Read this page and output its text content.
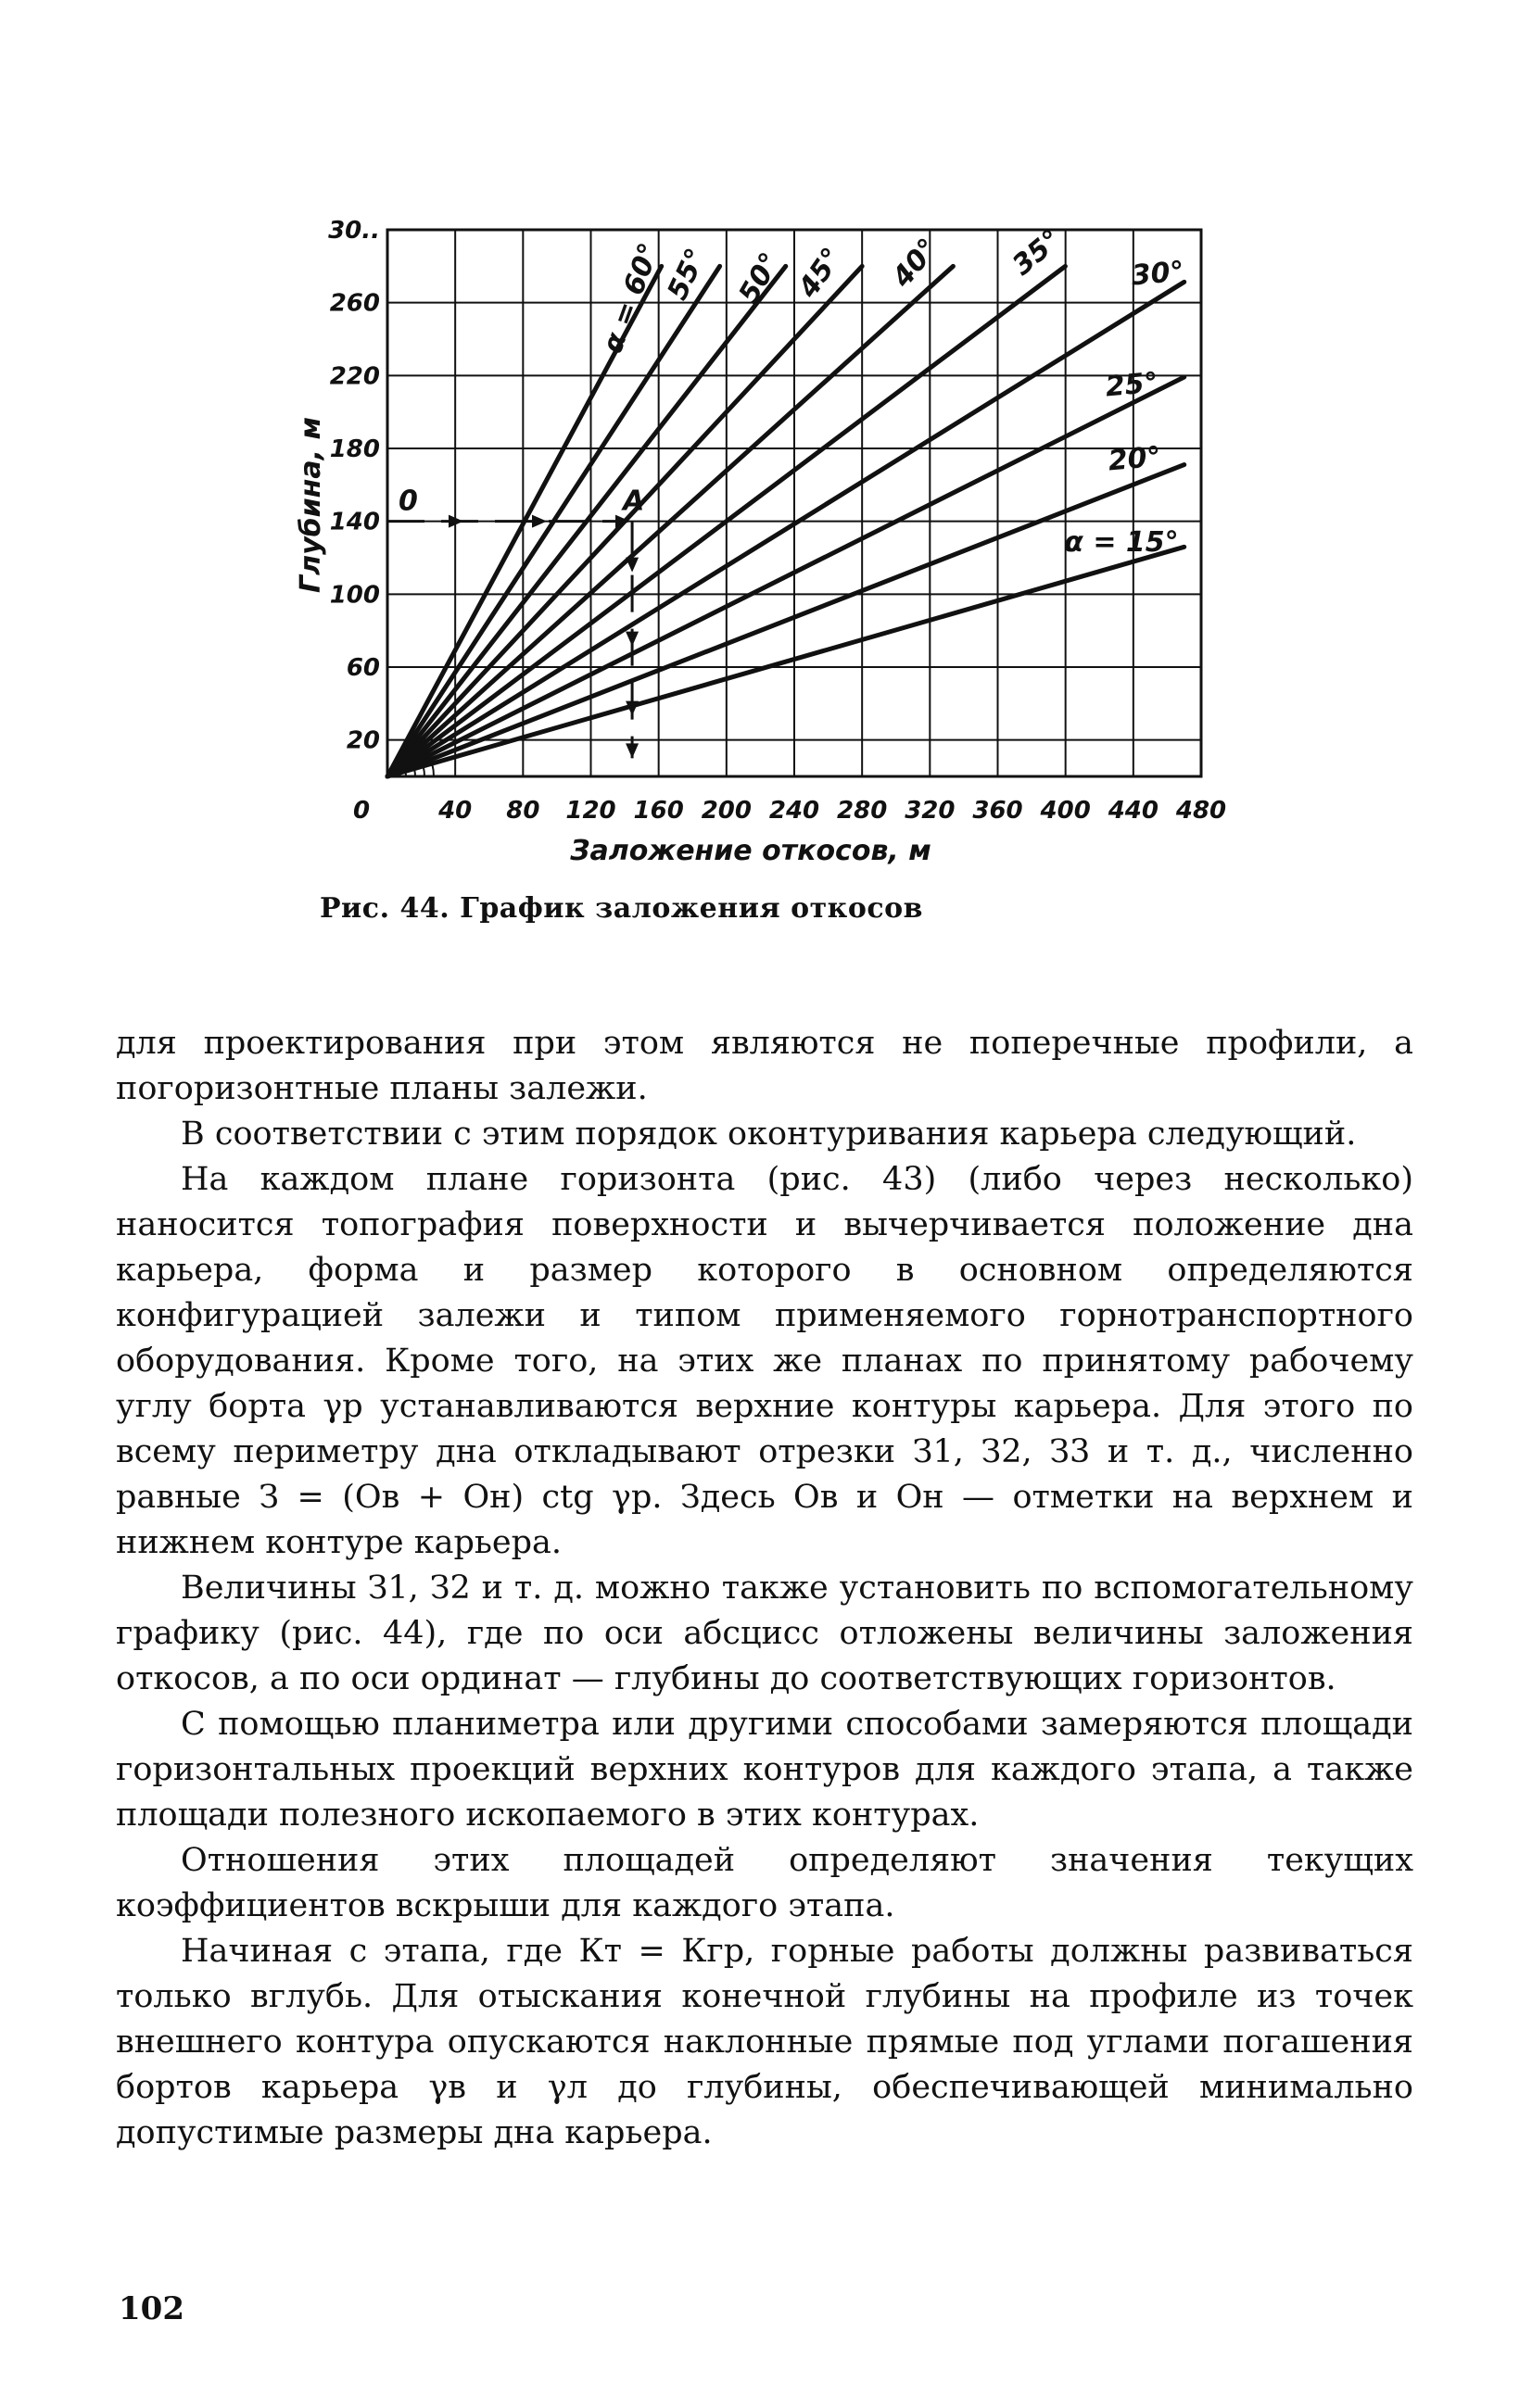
α = 60°
55° 50° 45° 40° 35° 30°
25°
20°
α = 15°
0	A
0	40 80 120 160 200 240 280 320 360 400 440 480
20
60
100
140
180
220
260
30..
Заложение откосов, м
Глубина, м
Рис. 44. График заложения откосов

для проектирования при этом являются не поперечные профили, а погоризонтные планы залежи.

В соответствии с этим порядок оконтуривания карьера следующий.

На каждом плане горизонта (рис. 43) (либо через несколько) наносится топография поверхности и вычерчивается положение дна карьера, форма и размер которого в основном определяются конфигурацией залежи и типом применяемого горнотранспортного оборудования. Кроме того, на этих же планах по принятому рабочему углу борта γр устанавливаются верхние контуры карьера. Для этого по всему периметру дна откладывают отрезки З1, З2, З3 и т. д., численно равные З = (Ов + Он) ctg γр. Здесь Ов и Он — отметки на верхнем и нижнем контуре карьера.

Величины З1, З2 и т. д. можно также установить по вспомогательному графику (рис. 44), где по оси абсцисс отложены величины заложения откосов, а по оси ординат — глубины до соответствующих горизонтов.

С помощью планиметра или другими способами замеряются площади горизонтальных проекций верхних контуров для каждого этапа, а также площади полезного ископаемого в этих контурах.

Отношения этих площадей определяют значения текущих коэффициентов вскрыши для каждого этапа.

Начиная с этапа, где Кт = Кгр, горные работы должны развиваться только вглубь. Для отыскания конечной глубины на профиле из точек внешнего контура опускаются наклонные прямые под углами погашения бортов карьера γв и γл до глубины, обеспечивающей минимально допустимые размеры дна карьера.

102
